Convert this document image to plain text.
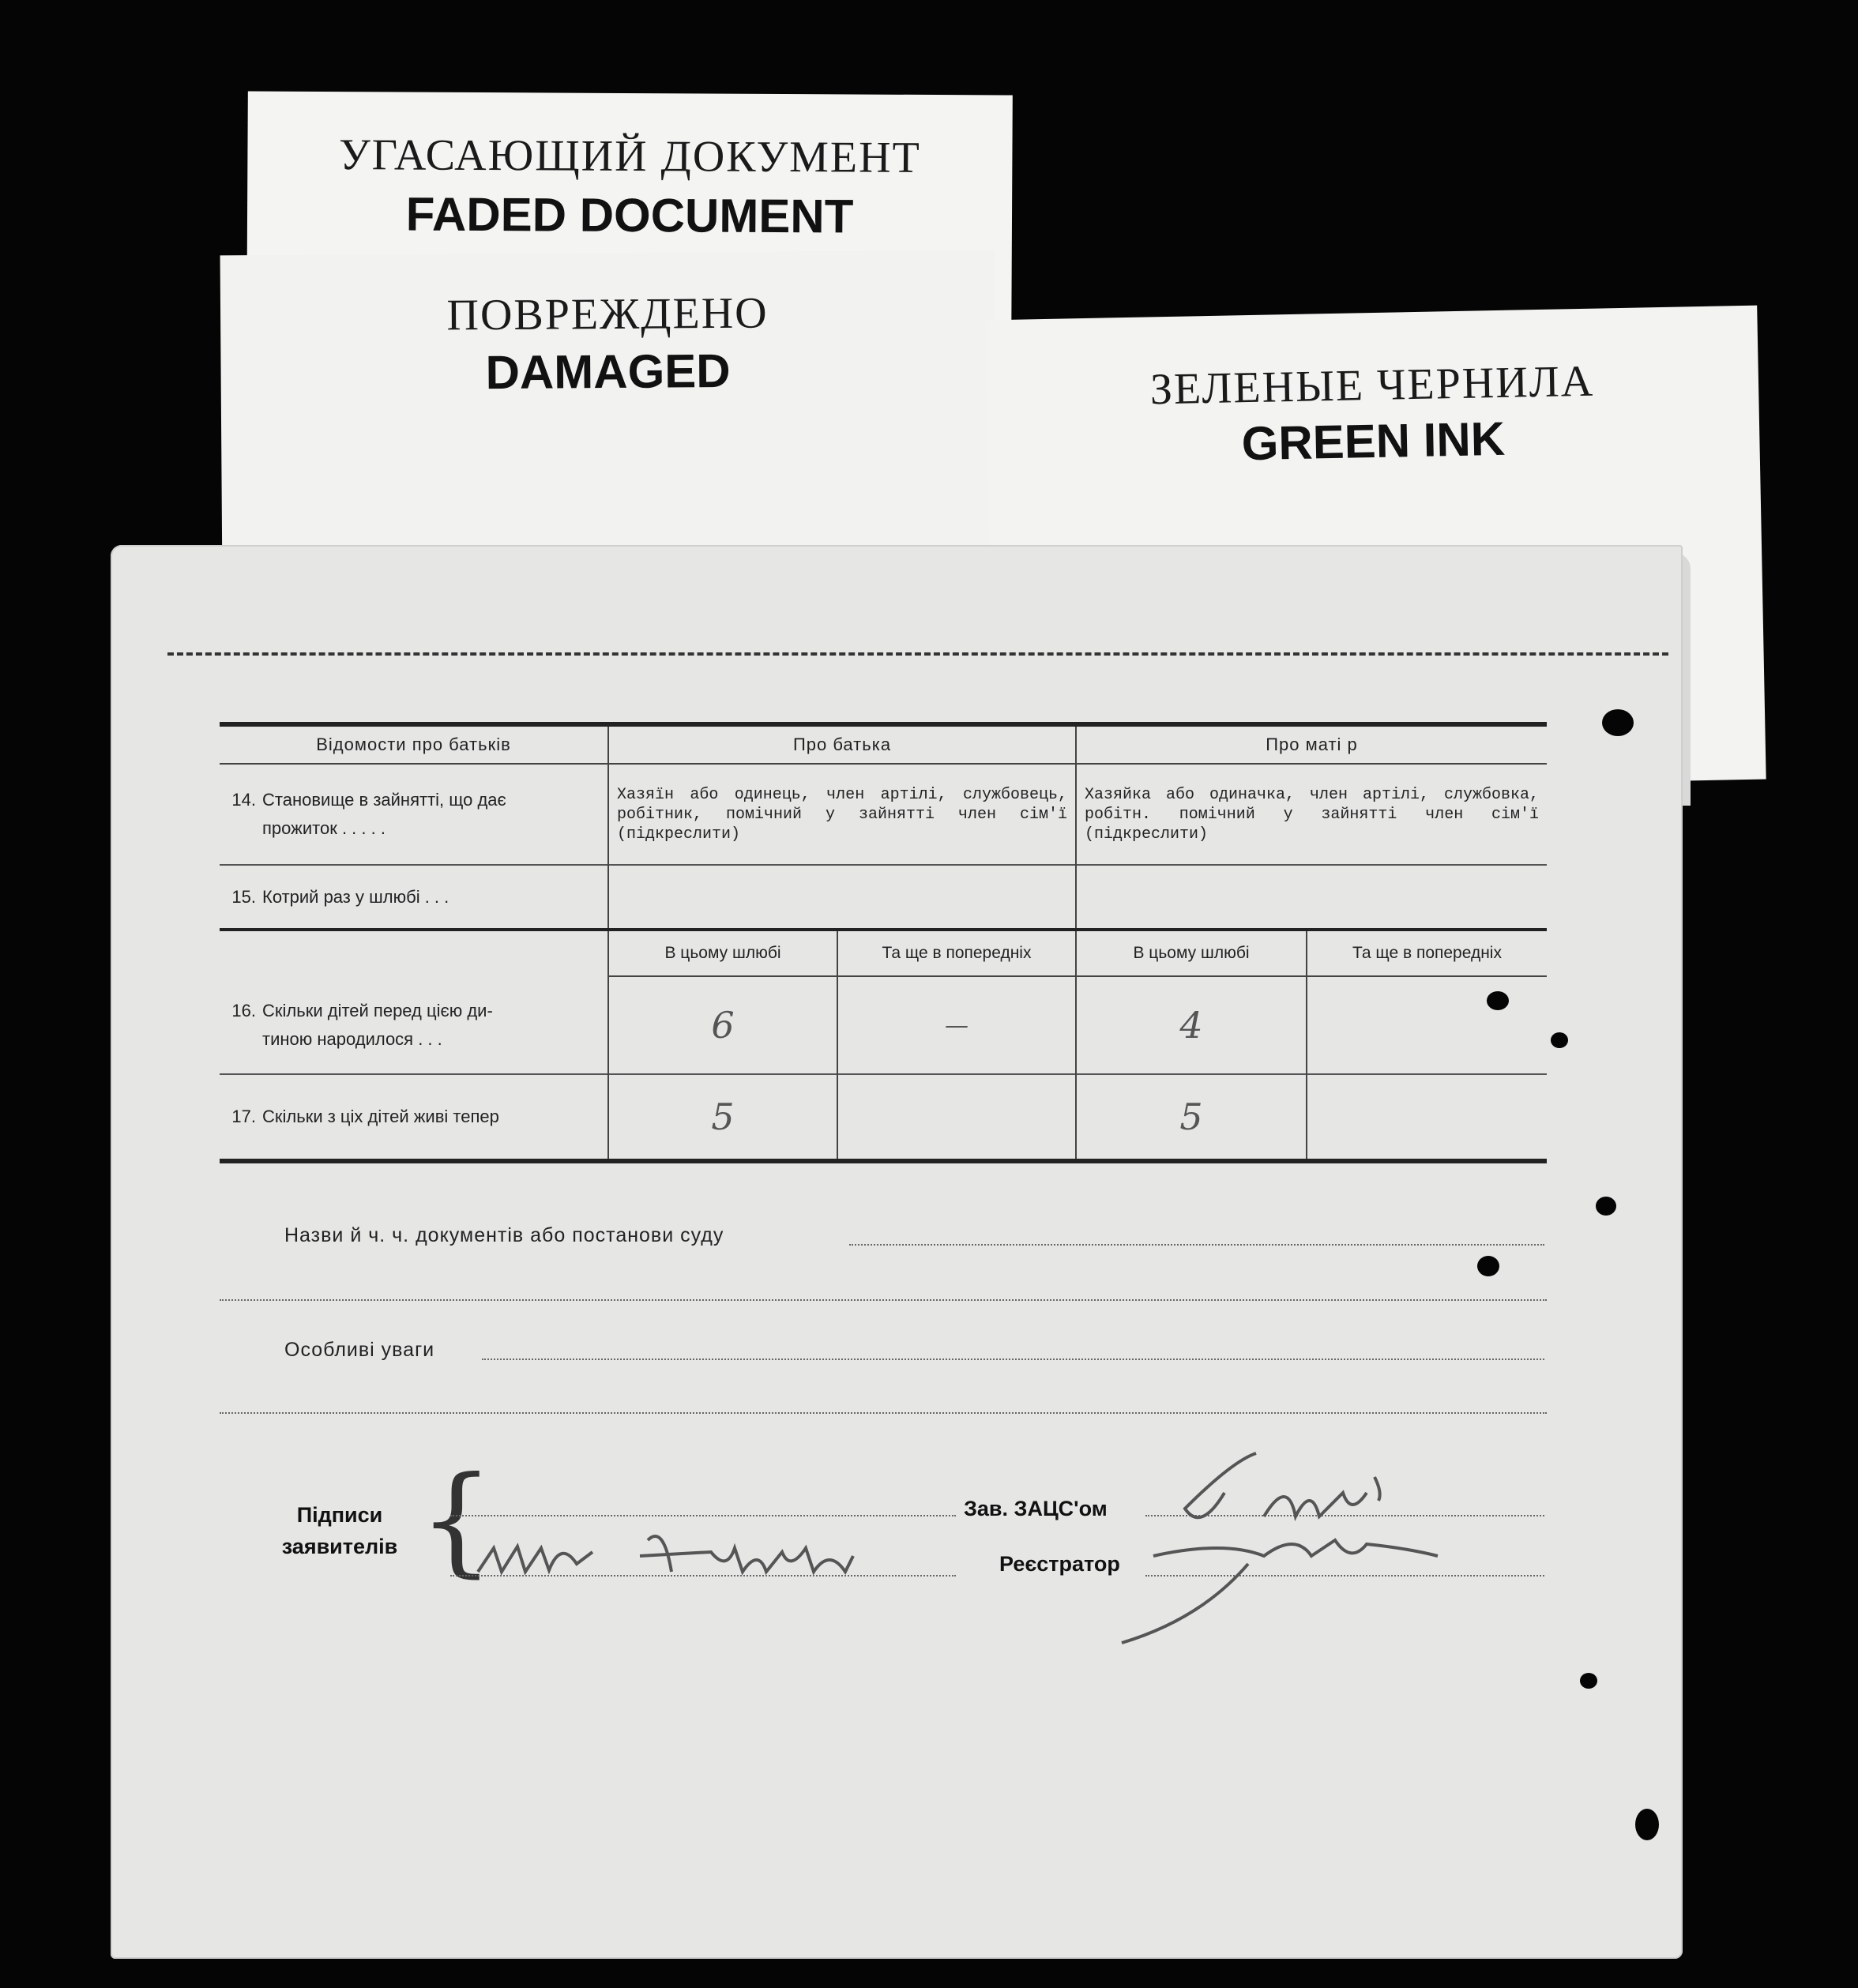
УГАСАЮЩИЙ ДОКУМЕНТ
FADED DOCUMENT
ПОВРЕЖДЕНО
DAMAGED	ЗЕЛЕНЫЕ ЧЕРНИЛА
GREEN INK
Відомости про батьків	Про батька		Про маті р	
14. Становище в зайнятті, що дає
прожиток . . . . .	Хазяїн або одинець, член артілі, службовець, робітник, помічний у зайнятті член сім'ї (підкреслити)		Хазяйка або одиначка, член артілі, службовка, робітн. помічний у зайнятті член сім'ї (підкреслити)	
15. Котрий раз у шлюбі . . .				
	В цьому шлюбі	Та ще в попередніх	В цьому шлюбі	Та ще в попередніх
16. Скільки дітей перед цією ди-
тиною народилося . . .	6	—	4	
17. Скільки з ціх дітей живі тепер	5		5	
Назви й ч. ч. документів або постанови суду
Особливі уваги
Підписи
заявителів {	Зав. ЗАЦС'ом
Реєстратор
